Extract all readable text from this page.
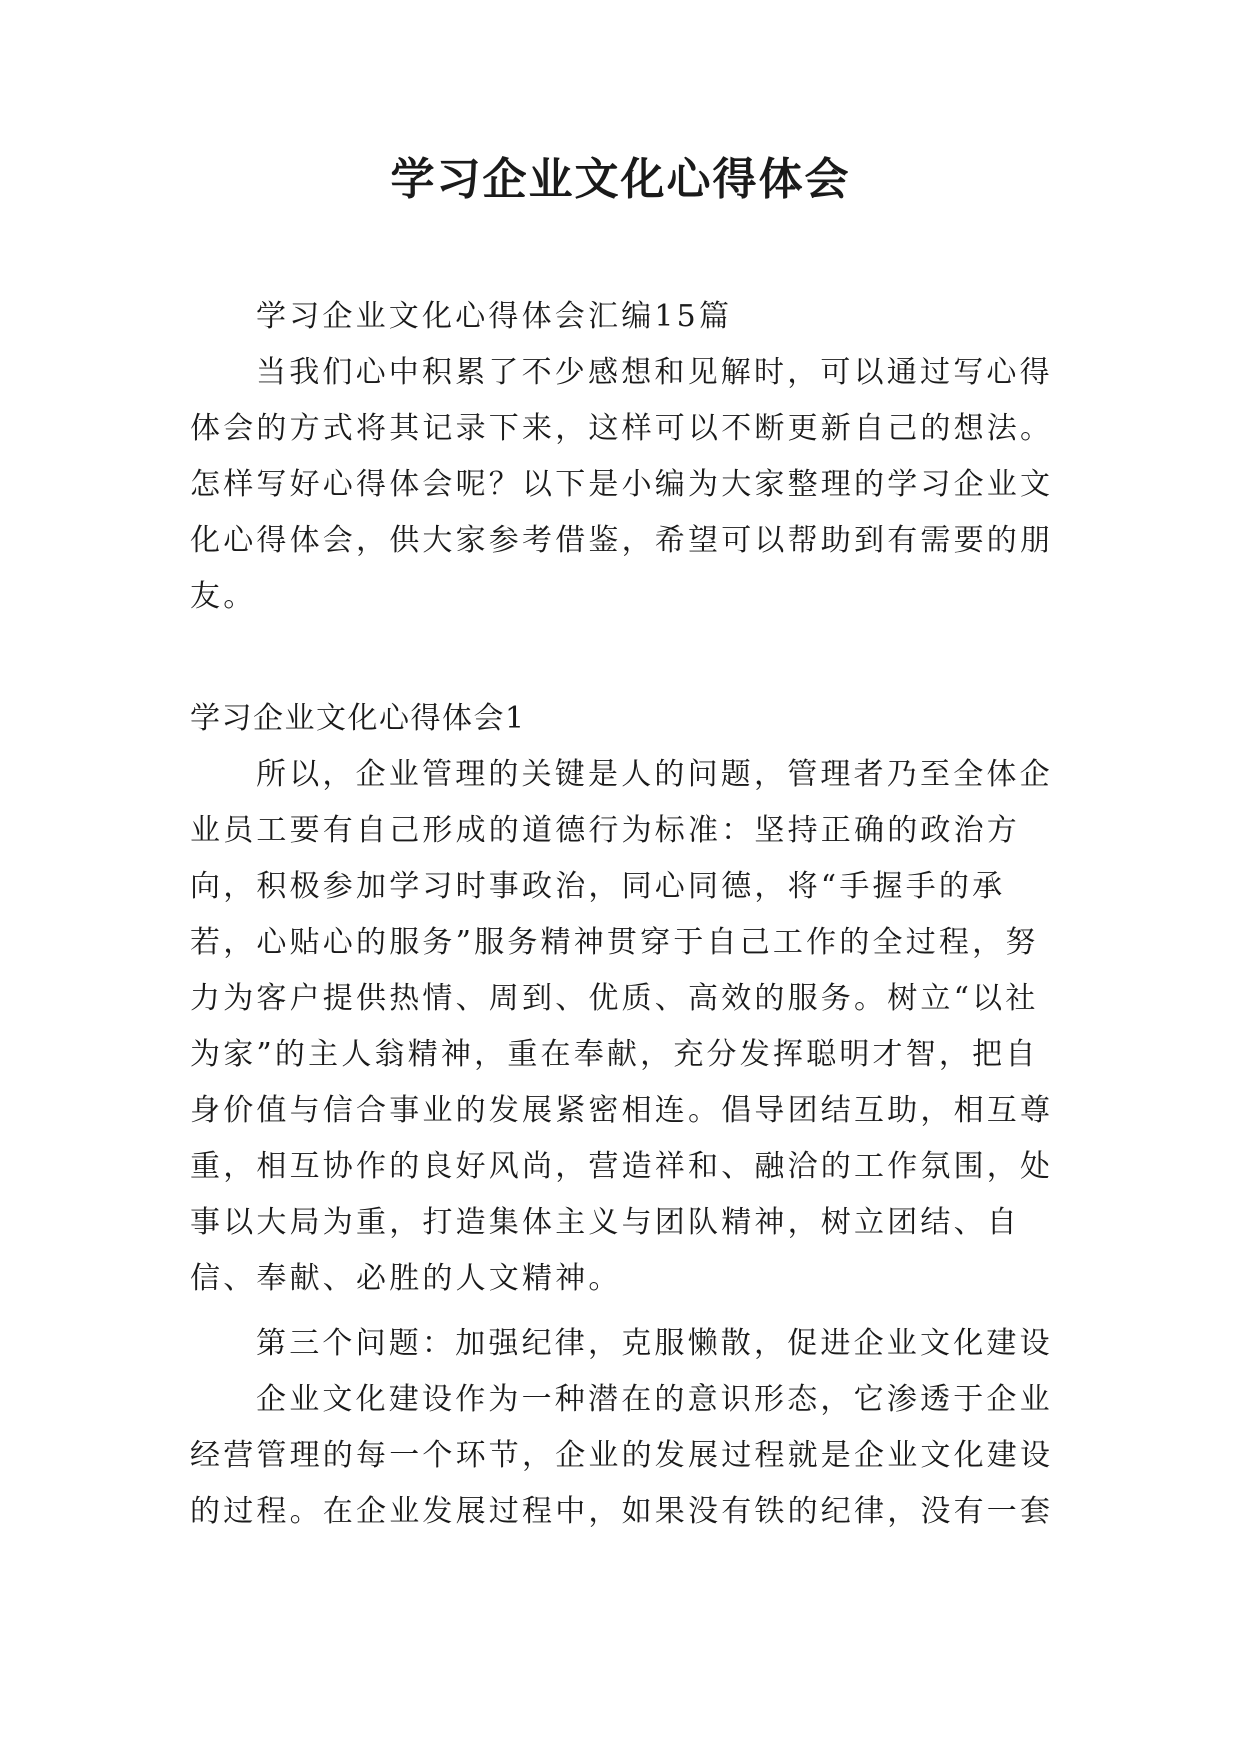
学习企业文化心得体会

学习企业文化心得体会汇编15篇

当我们心中积累了不少感想和见解时，可以通过写心得体会的方式将其记录下来，这样可以不断更新自己的想法。怎样写好心得体会呢？以下是小编为大家整理的学习企业文化心得体会，供大家参考借鉴，希望可以帮助到有需要的朋友。

学习企业文化心得体会1

所以，企业管理的关键是人的问题，管理者乃至全体企业员工要有自己形成的道德行为标准：坚持正确的政治方向，积极参加学习时事政治，同心同德，将“手握手的承若，心贴心的服务”服务精神贯穿于自己工作的全过程，努力为客户提供热情、周到、优质、高效的服务。树立“以社为家”的主人翁精神，重在奉献，充分发挥聪明才智，把自身价值与信合事业的发展紧密相连。倡导团结互助，相互尊重，相互协作的良好风尚，营造祥和、融洽的工作氛围，处事以大局为重，打造集体主义与团队精神，树立团结、自信、奉献、必胜的人文精神。

第三个问题：加强纪律，克服懒散，促进企业文化建设

企业文化建设作为一种潜在的意识形态，它渗透于企业经营管理的每一个环节，企业的发展过程就是企业文化建设的过程。在企业发展过程中，如果没有铁的纪律，没有一套
